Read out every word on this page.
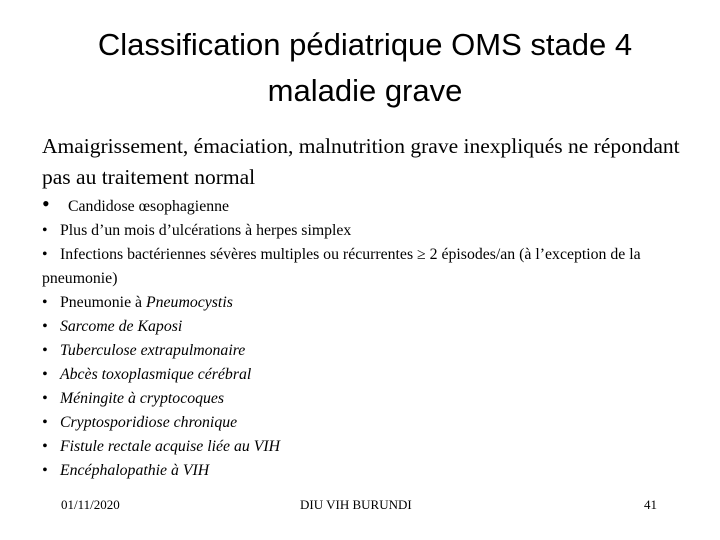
Classification pédiatrique OMS stade 4
maladie grave
Amaigrissement, émaciation, malnutrition grave inexpliqués ne répondant pas au traitement normal
• Candidose œsophagienne
• Plus d’un mois d’ulcérations à herpes simplex
• Infections bactériennes sévères multiples ou récurrentes ≥ 2 épisodes/an (à l’exception de la pneumonie)
• Pneumonie à Pneumocystis
• Sarcome de Kaposi
• Tuberculose extrapulmonaire
• Abcès toxoplasmique cérébral
• Méningite à cryptocoques
• Cryptosporidiose chronique
• Fistule rectale acquise liée au VIH
• Encéphalopathie à VIH
01/11/2020	DIU VIH BURUNDI	41
